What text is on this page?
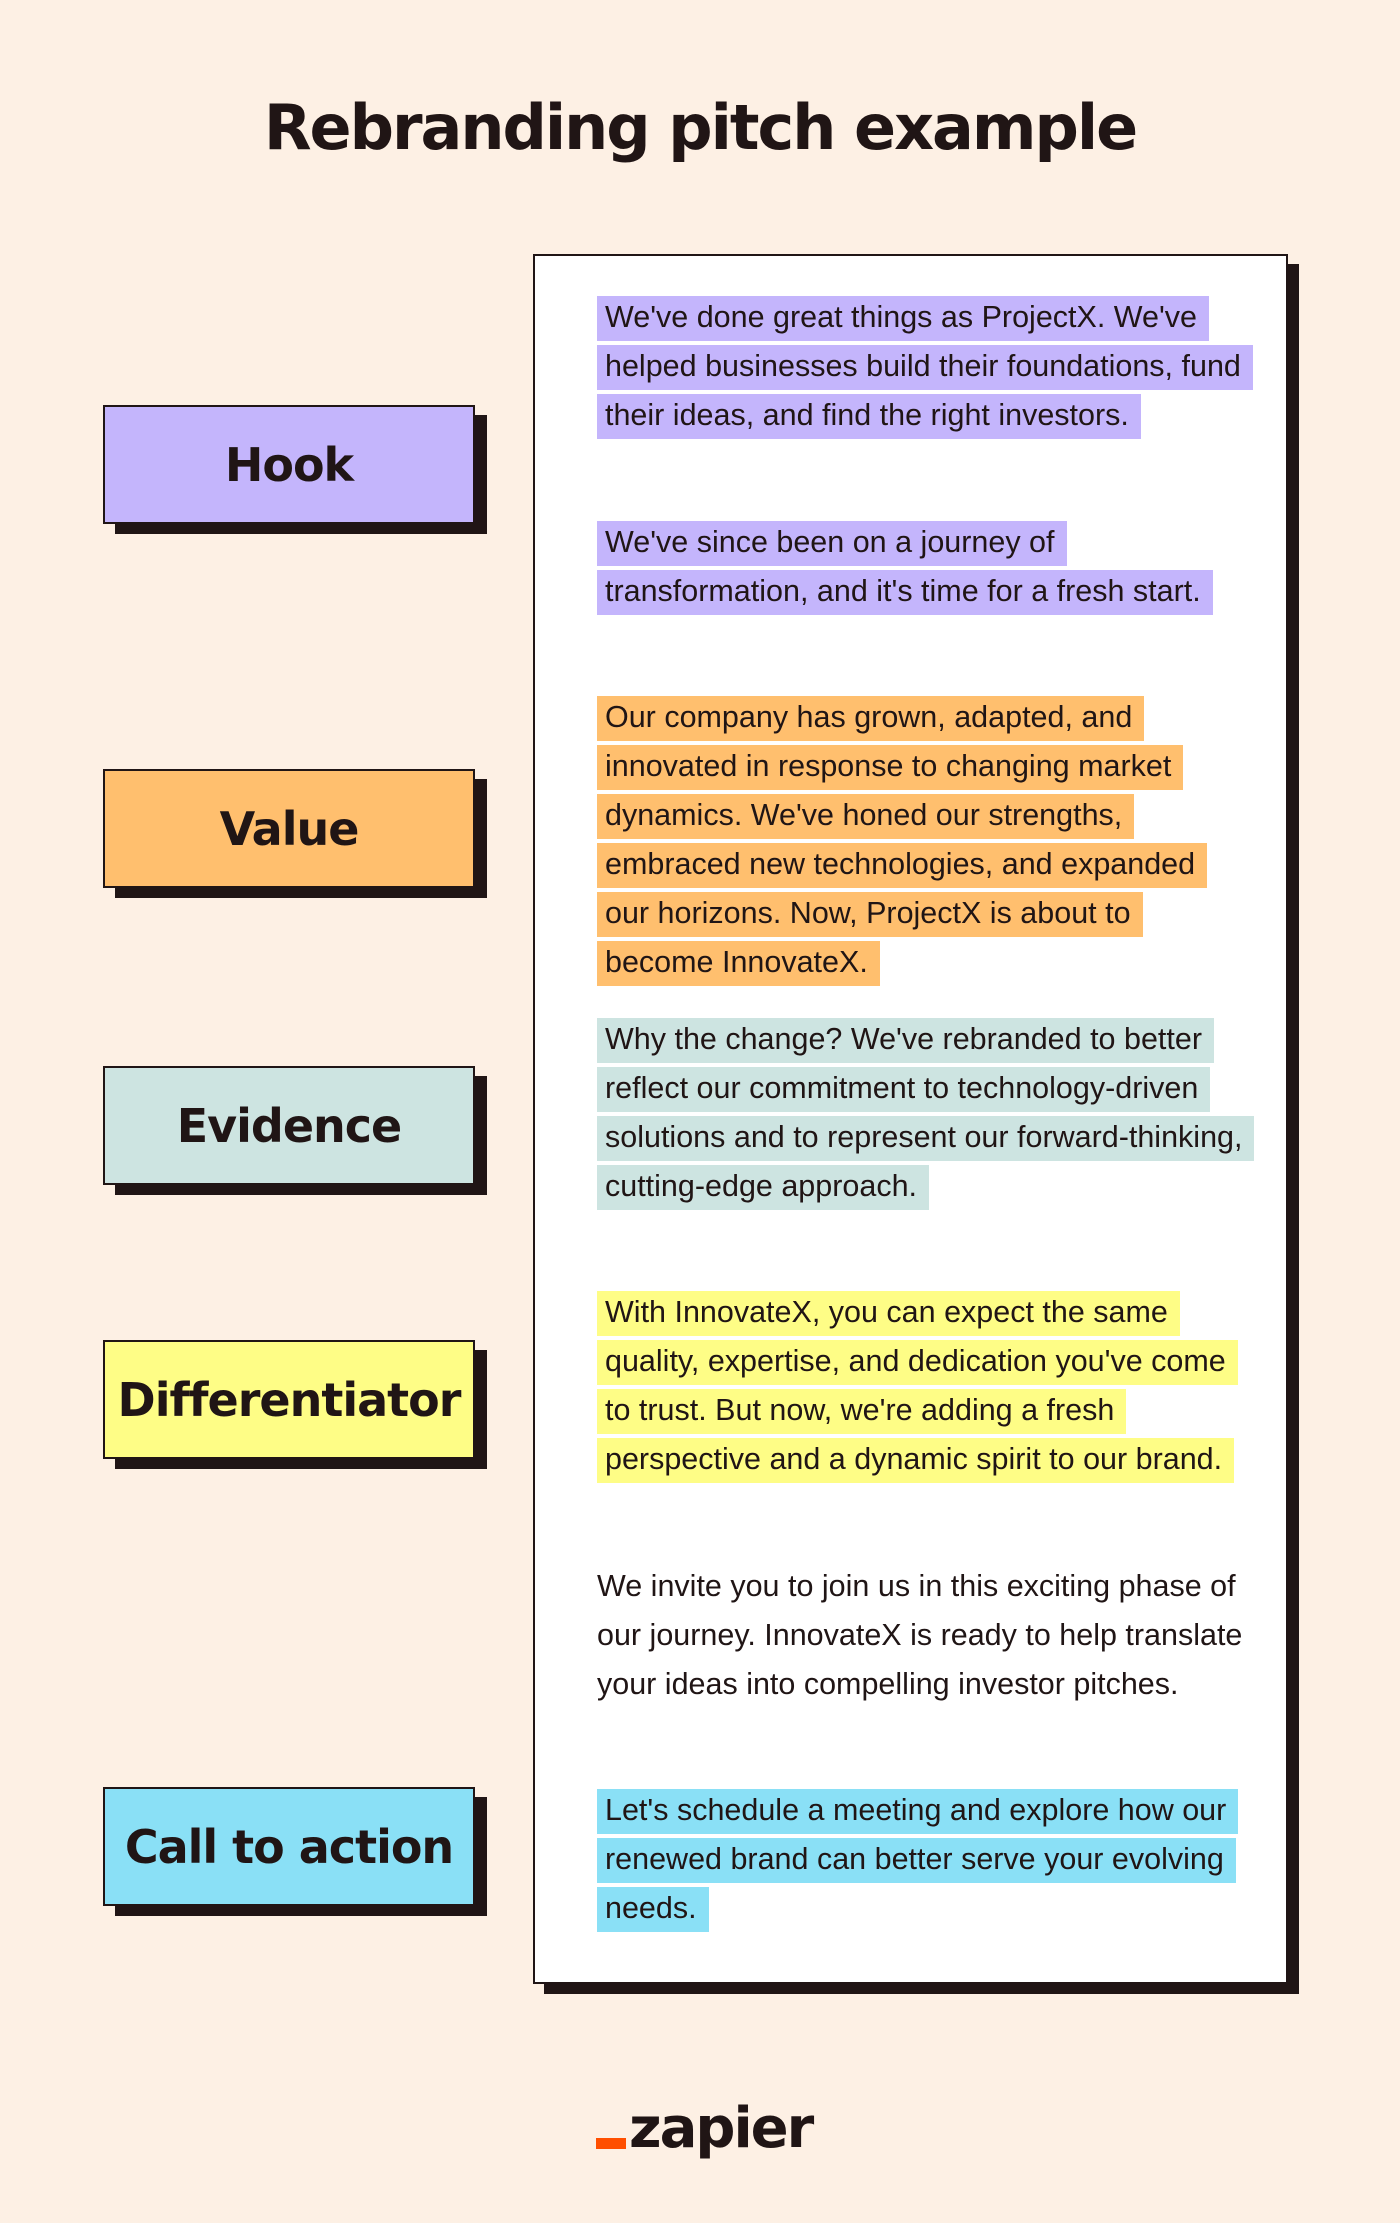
Rebranding pitch example
Hook
Value
Evidence
Differentiator
Call to action

We've done great things as ProjectX. We've helped businesses build their foundations, fund their ideas, and find the right investors.

We've since been on a journey of transformation, and it's time for a fresh start.

Our company has grown, adapted, and innovated in response to changing market dynamics. We've honed our strengths, embraced new technologies, and expanded our horizons. Now, ProjectX is about to become InnovateX.

Why the change? We've rebranded to better reflect our commitment to technology-driven solutions and to represent our forward-thinking, cutting-edge approach.

With InnovateX, you can expect the same quality, expertise, and dedication you've come to trust. But now, we're adding a fresh perspective and a dynamic spirit to our brand.

We invite you to join us in this exciting phase of our journey. InnovateX is ready to help translate your ideas into compelling investor pitches.

Let's schedule a meeting and explore how our renewed brand can better serve your evolving needs.

zapier
